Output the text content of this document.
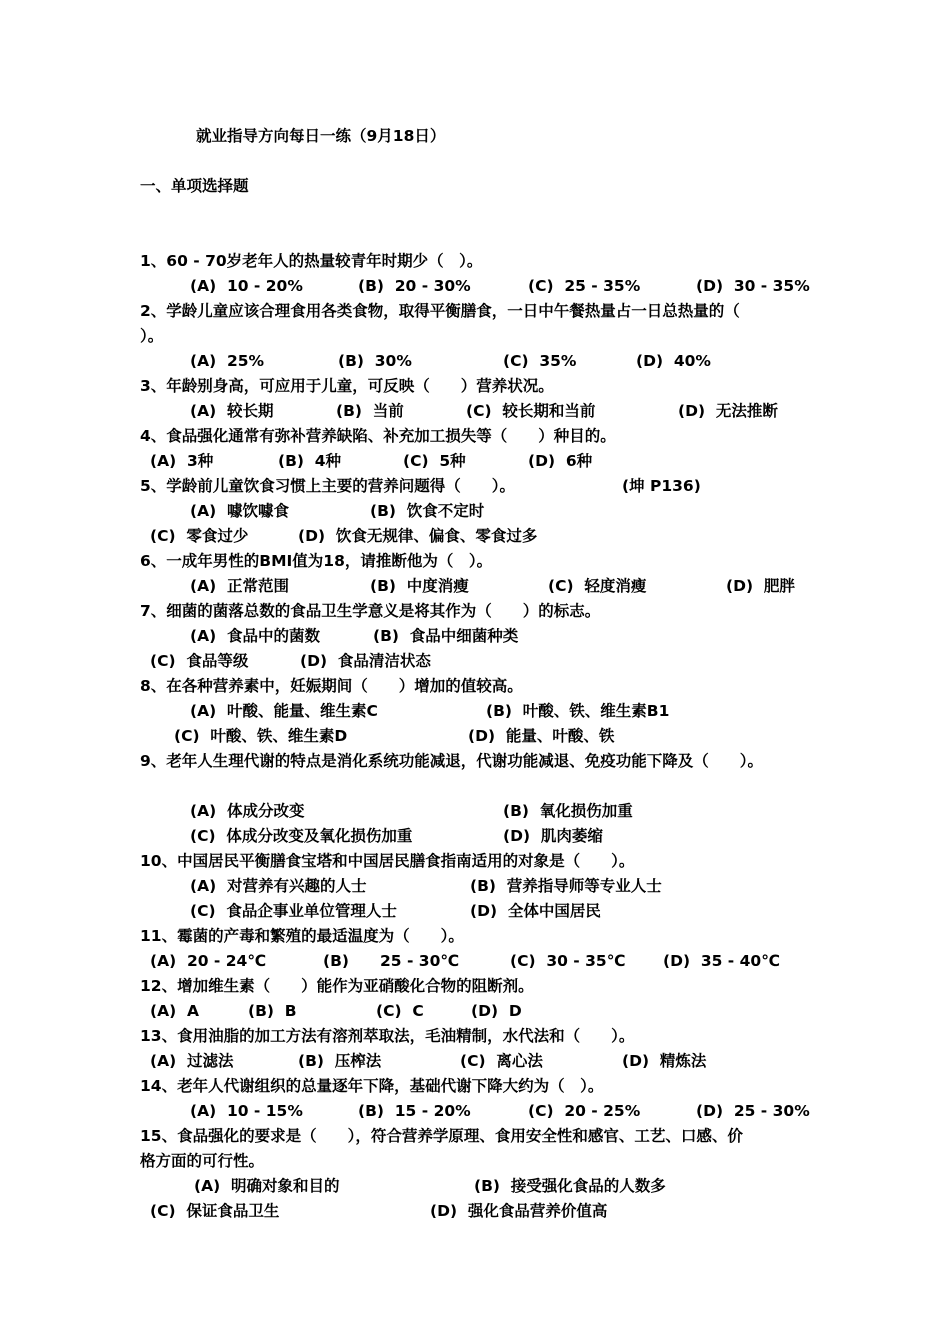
就业指导方向每日一练（9月18日）
一、单项选择题
1、60 - 70岁老年人的热量较青年时期少（　）。
(A)  10 - 20%	(B)  20 - 30%	(C)  25 - 35%	(D)  30 - 35%
2、学龄儿童应该合理食用各类食物，取得平衡膳食，一日中午餐热量占一日总热量的（
）。
(A)  25%	(B)  30%	(C)  35%	(D)  40%
3、年龄别身高，可应用于儿童，可反映（　　）营养状况。
(A)  较长期	(B)  当前	(C)  较长期和当前	(D)  无法推断
4、食品强化通常有弥补营养缺陷、补充加工损失等（　　）种目的。
(A)  3种	(B)  4种	(C)  5种	(D)  6种
5、学龄前儿童饮食习惯上主要的营养问题得（　　）。	(坤 P136)
(A)  噱饮噱食	(B)  饮食不定时
(C)  零食过少	(D)  饮食无规律、偏食、零食过多
6、一成年男性的BMI值为18，请推断他为（　）。
(A)  正常范围	(B)  中度消瘦	(C)  轻度消瘦	(D)  肥胖
7、细菌的菌落总数的食品卫生学意义是将其作为（　　）的标志。
(A)  食品中的菌数	(B)  食品中细菌种类
(C)  食品等级	(D)  食品清洁状态
8、在各种营养素中，妊娠期间（　　）增加的值较高。
(A)  叶酸、能量、维生素C	(B)  叶酸、铁、维生素B1
(C)  叶酸、铁、维生素D	(D)  能量、叶酸、铁
9、老年人生理代谢的特点是消化系统功能减退，代谢功能减退、免疫功能下降及（　　）。
(A)  体成分改变	(B)  氧化损伤加重
(C)  体成分改变及氧化损伤加重	(D)  肌肉萎缩
10、中国居民平衡膳食宝塔和中国居民膳食指南适用的对象是（　　）。
(A)  对营养有兴趣的人士	(B)  营养指导师等专业人士
(C)  食品企事业单位管理人士	(D)  全体中国居民
11、霉菌的产毒和繁殖的最适温度为（　　）。
(A)  20 - 24℃	(B)　　25 - 30℃	(C)  30 - 35℃ (D)  35 - 40℃
12、增加维生素（　　）能作为亚硝酸化合物的阻断剂。
(A)  A	(B)  B	(C)  C	(D)  D
13、食用油脂的加工方法有溶剂萃取法，毛油精制，水代法和（　　）。
(A)  过滤法	(B)  压榨法	(C)  离心法	(D)  精炼法
14、老年人代谢组织的总量逐年下降，基础代谢下降大约为（　）。
(A)  10 - 15%	(B)  15 - 20%	(C)  20 - 25%	(D)  25 - 30%
15、食品强化的要求是（　　），符合营养学原理、食用安全性和感官、工艺、口感、价
格方面的可行性。
(A)  明确对象和目的	(B)  接受强化食品的人数多
(C)  保证食品卫生	(D)  强化食品营养价值高
